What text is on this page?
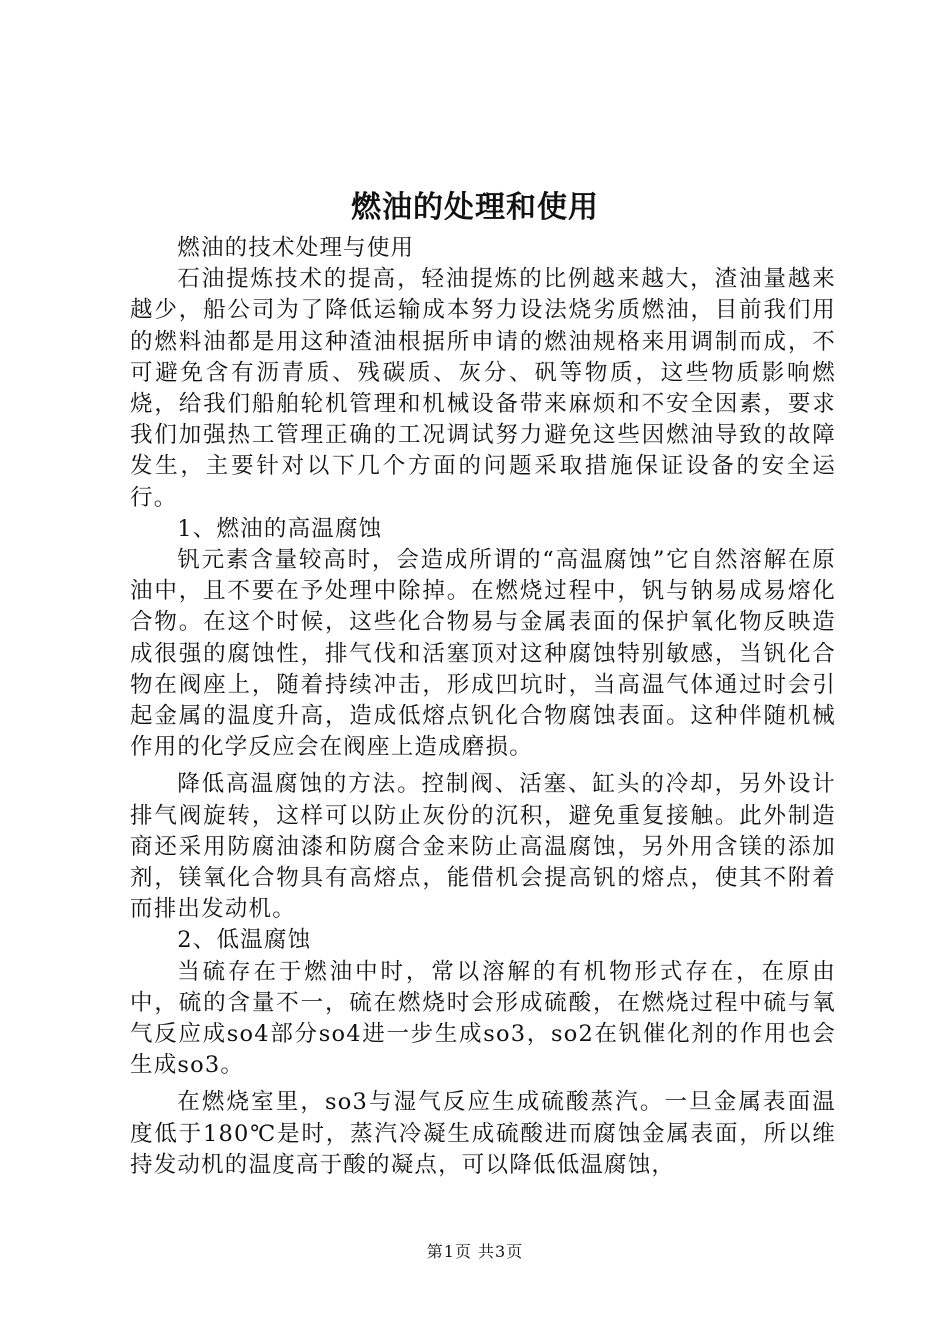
燃油的处理和使用

燃油的技术处理与使用

石油提炼技术的提高，轻油提炼的比例越来越大，渣油量越来越少，船公司为了降低运输成本努力设法烧劣质燃油，目前我们用的燃料油都是用这种渣油根据所申请的燃油规格来用调制而成，不可避免含有沥青质、残碳质、灰分、矾等物质，这些物质影响燃烧，给我们船舶轮机管理和机械设备带来麻烦和不安全因素，要求我们加强热工管理正确的工况调试努力避免这些因燃油导致的故障发生，主要针对以下几个方面的问题采取措施保证设备的安全运行。

1、燃油的高温腐蚀

钒元素含量较高时，会造成所谓的“高温腐蚀”它自然溶解在原油中，且不要在予处理中除掉。在燃烧过程中，钒与钠易成易熔化合物。在这个时候，这些化合物易与金属表面的保护氧化物反映造成很强的腐蚀性，排气伐和活塞顶对这种腐蚀特别敏感，当钒化合物在阀座上，随着持续冲击，形成凹坑时，当高温气体通过时会引起金属的温度升高，造成低熔点钒化合物腐蚀表面。这种伴随机械作用的化学反应会在阀座上造成磨损。

降低高温腐蚀的方法。控制阀、活塞、缸头的冷却，另外设计排气阀旋转，这样可以防止灰份的沉积，避免重复接触。此外制造商还采用防腐油漆和防腐合金来防止高温腐蚀，另外用含镁的添加剂，镁氧化合物具有高熔点，能借机会提高钒的熔点，使其不附着而排出发动机。

2、低温腐蚀

当硫存在于燃油中时，常以溶解的有机物形式存在，在原由中，硫的含量不一，硫在燃烧时会形成硫酸，在燃烧过程中硫与氧气反应成so4部分so4进一步生成so3，so2在钒催化剂的作用也会生成so3。

在燃烧室里，so3与湿气反应生成硫酸蒸汽。一旦金属表面温度低于180℃是时，蒸汽冷凝生成硫酸进而腐蚀金属表面，所以维持发动机的温度高于酸的凝点，可以降低低温腐蚀，

第1页 共3页
